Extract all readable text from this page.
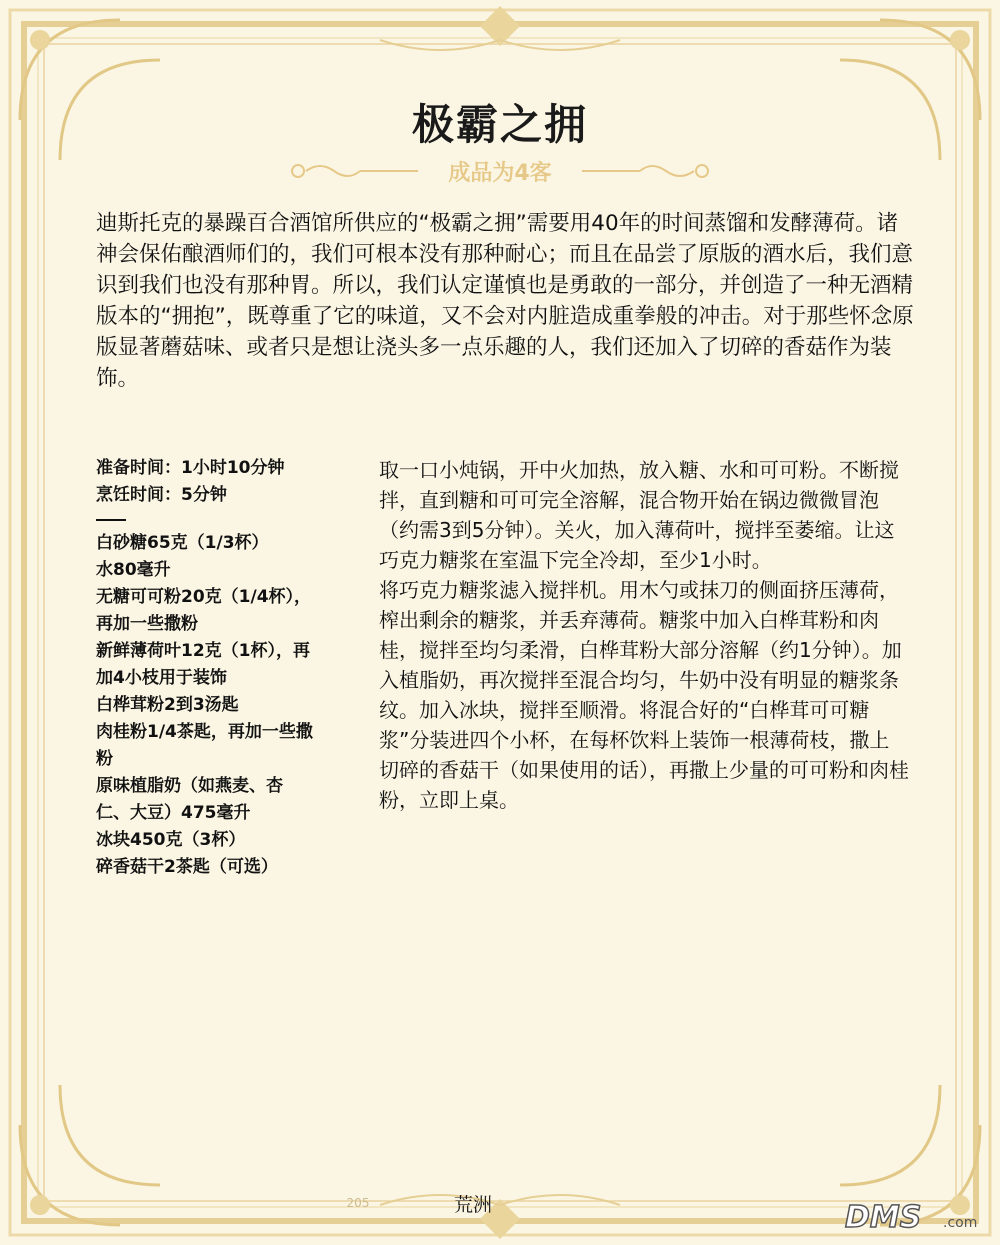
极霸之拥
成品为4客
迪斯托克的暴躁百合酒馆所供应的“极霸之拥”需要用40年的时间蒸馏和发酵薄荷。诸神会保佑酿酒师们的，我们可根本没有那种耐心；而且在品尝了原版的酒水后，我们意识到我们也没有那种胃。所以，我们认定谨慎也是勇敢的一部分，并创造了一种无酒精版本的“拥抱”，既尊重了它的味道，又不会对内脏造成重拳般的冲击。对于那些怀念原版显著蘑菇味、或者只是想让浇头多一点乐趣的人，我们还加入了切碎的香菇作为装饰。

准备时间：1小时10分钟

烹饪时间：5分钟

白砂糖65克（1/3杯）

水80毫升

无糖可可粉20克（1/4杯），再加一些撒粉

新鲜薄荷叶12克（1杯），再加4小枝用于装饰

白桦茸粉2到3汤匙

肉桂粉1/4茶匙，再加一些撒粉

原味植脂奶（如燕麦、杏仁、大豆）475毫升

冰块450克（3杯）

碎香菇干2茶匙（可选）

取一口小炖锅，开中火加热，放入糖、水和可可粉。不断搅拌，直到糖和可可完全溶解，混合物开始在锅边微微冒泡（约需3到5分钟）。关火，加入薄荷叶，搅拌至萎缩。让这巧克力糖浆在室温下完全冷却，至少1小时。

将巧克力糖浆滤入搅拌机。用木勺或抹刀的侧面挤压薄荷，榨出剩余的糖浆，并丢弃薄荷。糖浆中加入白桦茸粉和肉桂，搅拌至均匀柔滑，白桦茸粉大部分溶解（约1分钟）。加入植脂奶，再次搅拌至混合均匀，牛奶中没有明显的糖浆条纹。加入冰块，搅拌至顺滑。将混合好的“白桦茸可可糖浆”分装进四个小杯，在每杯饮料上装饰一根薄荷枝，撒上切碎的香菇干（如果使用的话），再撒上少量的可可粉和肉桂粉，立即上桌。

205	荒洲	DMS .com
